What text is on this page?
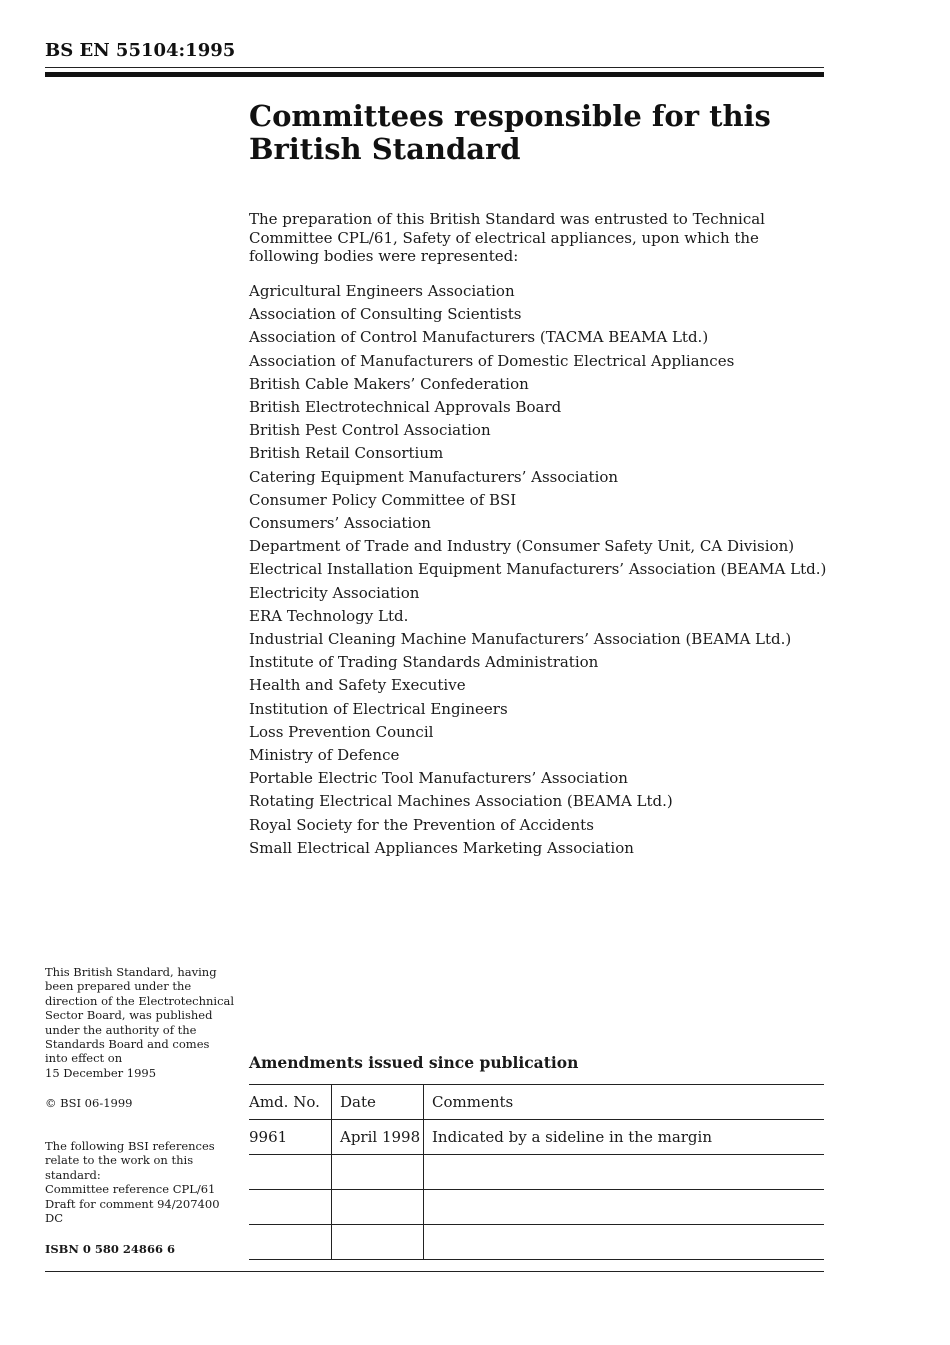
BS EN 55104:1995
Committees responsible for this British Standard

The preparation of this British Standard was entrusted to Technical Committee CPL/61, Safety of electrical appliances, upon which the following bodies were represented:

Agricultural Engineers Association
Association of Consulting Scientists
Association of Control Manufacturers (TACMA BEAMA Ltd.)
Association of Manufacturers of Domestic Electrical Appliances
British Cable Makers’ Confederation
British Electrotechnical Approvals Board
British Pest Control Association
British Retail Consortium
Catering Equipment Manufacturers’ Association
Consumer Policy Committee of BSI
Consumers’ Association
Department of Trade and Industry (Consumer Safety Unit, CA Division)
Electrical Installation Equipment Manufacturers’ Association (BEAMA Ltd.)
Electricity Association
ERA Technology Ltd.
Industrial Cleaning Machine Manufacturers’ Association (BEAMA Ltd.)
Institute of Trading Standards Administration
Health and Safety Executive
Institution of Electrical Engineers
Loss Prevention Council
Ministry of Defence
Portable Electric Tool Manufacturers’ Association
Rotating Electrical Machines Association (BEAMA Ltd.)
Royal Society for the Prevention of Accidents
Small Electrical Appliances Marketing Association
This British Standard, having
been prepared under the
direction of the Electrotechnical
Sector Board, was published
under the authority of the
Standards Board and comes
into effect on
15 December 1995
© BSI 06-1999
The following BSI references
relate to the work on this
standard:
Committee reference CPL/61
Draft for comment 94/207400 DC
ISBN 0 580 24866 6
Amendments issued since publication
Amd. No.	Date	Comments
9961	April 1998	Indicated by a sideline in the margin
